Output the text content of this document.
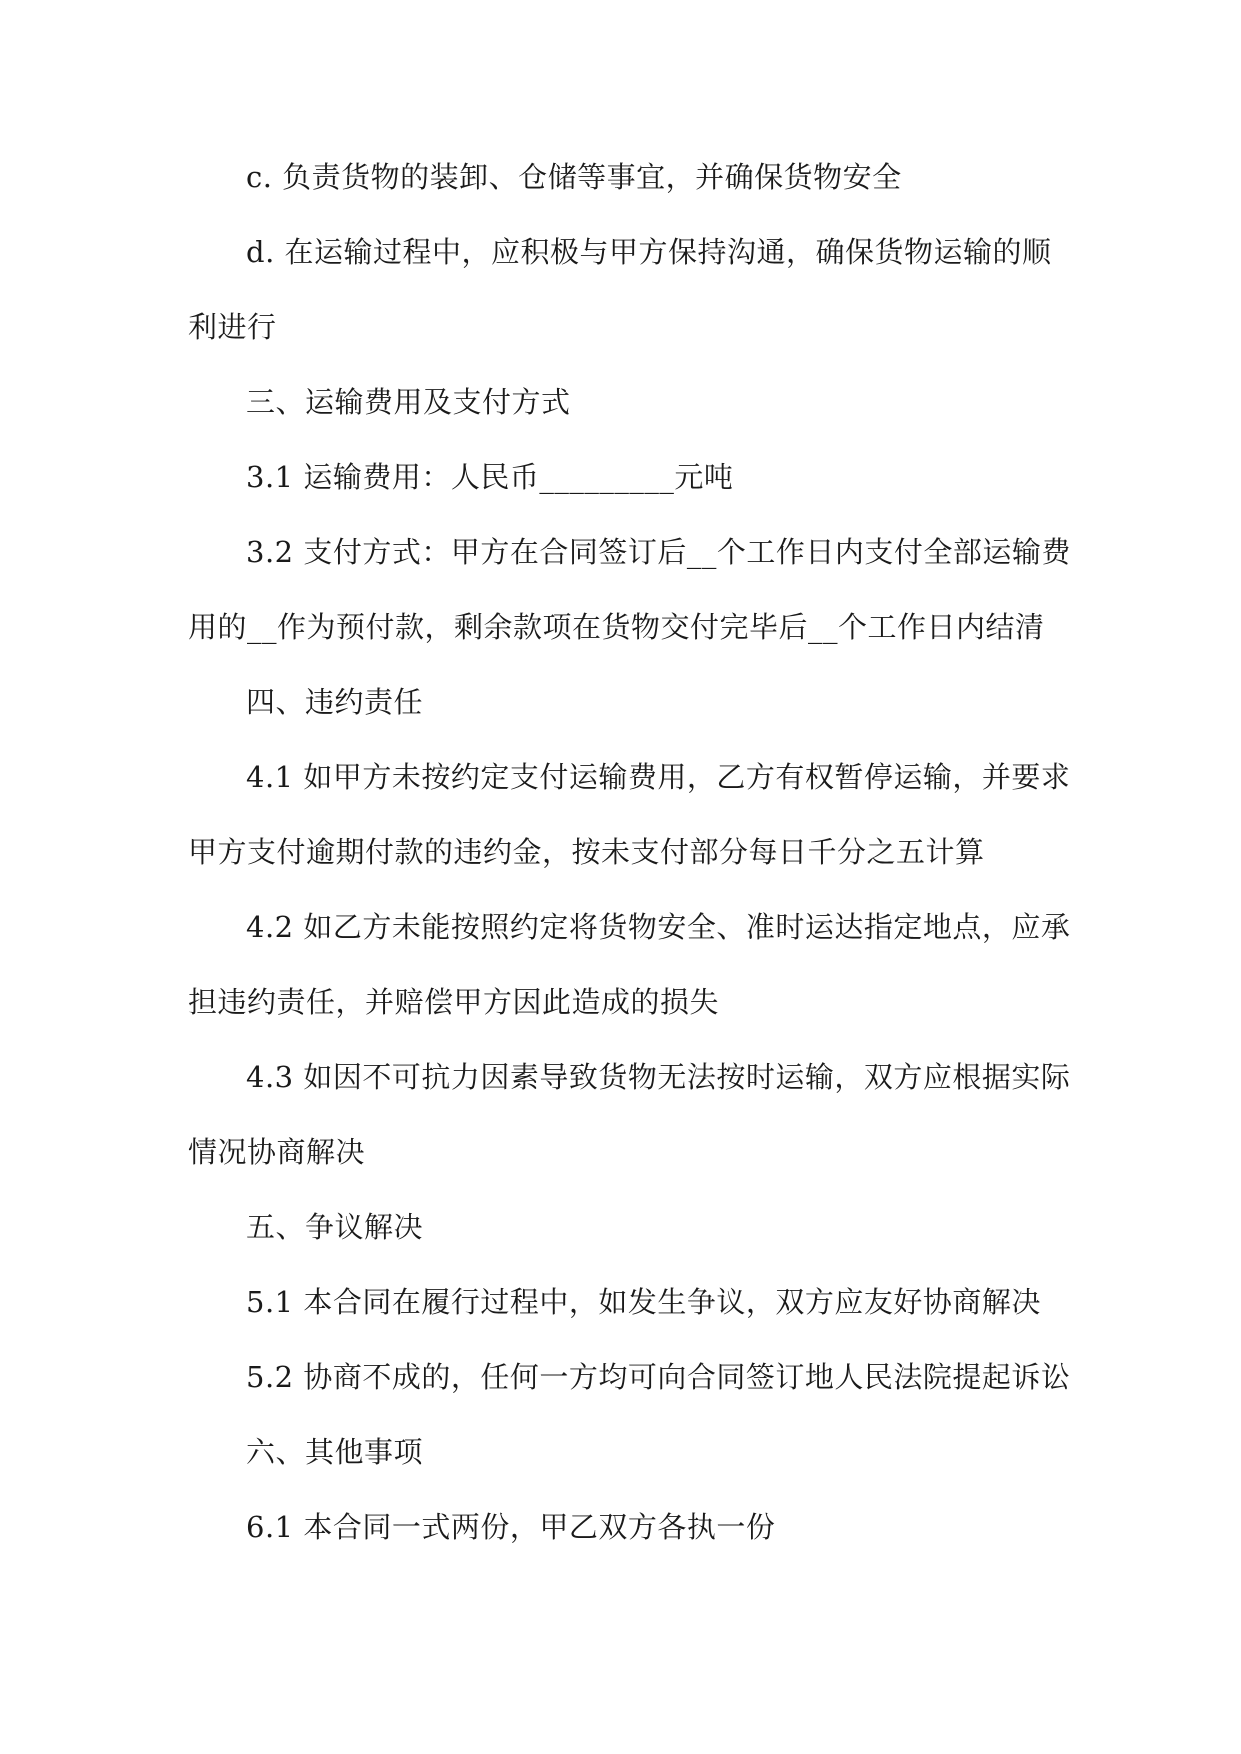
c. 负责货物的装卸、仓储等事宜，并确保货物安全
d. 在运输过程中，应积极与甲方保持沟通，确保货物运输的顺
利进行
三、运输费用及支付方式
3.1 运输费用：人民币_________元吨
3.2 支付方式：甲方在合同签订后__个工作日内支付全部运输费
用的__作为预付款，剩余款项在货物交付完毕后__个工作日内结清
四、违约责任
4.1 如甲方未按约定支付运输费用，乙方有权暂停运输，并要求
甲方支付逾期付款的违约金，按未支付部分每日千分之五计算
4.2 如乙方未能按照约定将货物安全、准时运达指定地点，应承
担违约责任，并赔偿甲方因此造成的损失
4.3 如因不可抗力因素导致货物无法按时运输，双方应根据实际
情况协商解决
五、争议解决
5.1 本合同在履行过程中，如发生争议，双方应友好协商解决
5.2 协商不成的，任何一方均可向合同签订地人民法院提起诉讼
六、其他事项
6.1 本合同一式两份，甲乙双方各执一份
